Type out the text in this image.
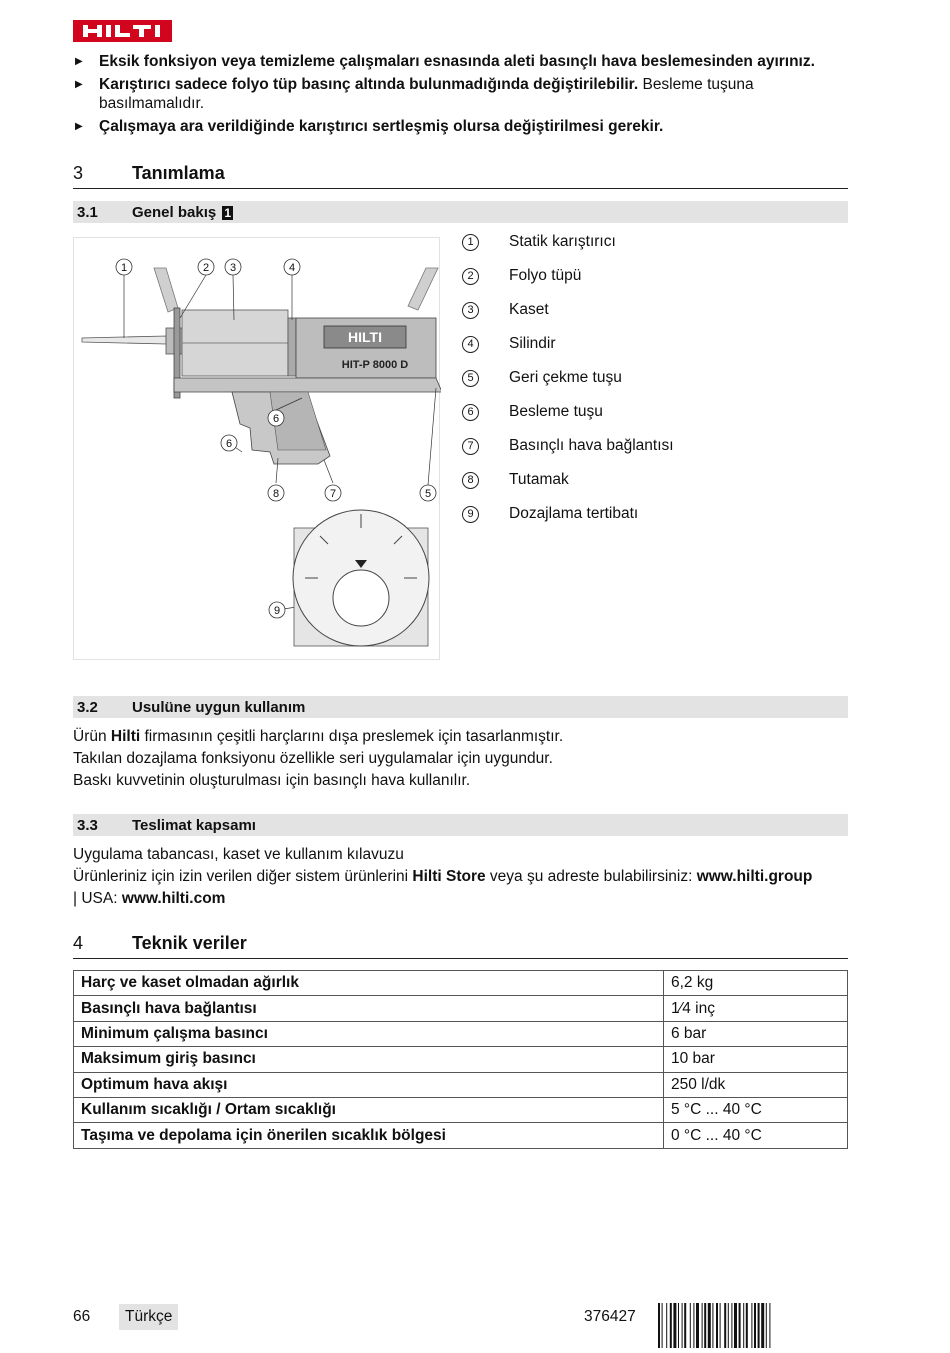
▶ Eksik fonksiyon veya temizleme çalışmaları esnasında aleti basınçlı hava beslemesinden ayırınız.
▶ Karıştırıcı sadece folyo tüp basınç altında bulunmadığında değiştirilebilir. Besleme tuşuna basılmamalıdır.
▶ Çalışmaya ara verildiğinde karıştırıcı sertleşmiş olursa değiştirilmesi gerekir.
3	Tanımlama
3.1 Genel bakış 1
HILTI
HIT-P 8000 D
1	2 3	4
5
6
6
7
8
9
1	Statik karıştırıcı
2	Folyo tüpü
3	Kaset
4	Silindir
5	Geri çekme tuşu
6	Besleme tuşu
7	Basınçlı hava bağlantısı
8	Tutamak
9	Dozajlama tertibatı
3.2 Usulüne uygun kullanım
Ürün Hilti firmasının çeşitli harçlarını dışa preslemek için tasarlanmıştır.
Takılan dozajlama fonksiyonu özellikle seri uygulamalar için uygundur.
Baskı kuvvetinin oluşturulması için basınçlı hava kullanılır.
3.3 Teslimat kapsamı
Uygulama tabancası, kaset ve kullanım kılavuzu
Ürünleriniz için izin verilen diğer sistem ürünlerini Hilti Store veya şu adreste bulabilirsiniz: www.hilti.group
| USA: www.hilti.com
4	Teknik veriler
Harç ve kaset olmadan ağırlık	6,2 kg
Basınçlı hava bağlantısı	1⁄4 inç
Minimum çalışma basıncı	6 bar
Maksimum giriş basıncı	10 bar
Optimum hava akışı	250 l/dk
Kullanım sıcaklığı / Ortam sıcaklığı	5 °C ... 40 °C
Taşıma ve depolama için önerilen sıcaklık bölgesi	0 °C ... 40 °C
66	Türkçe	376427
